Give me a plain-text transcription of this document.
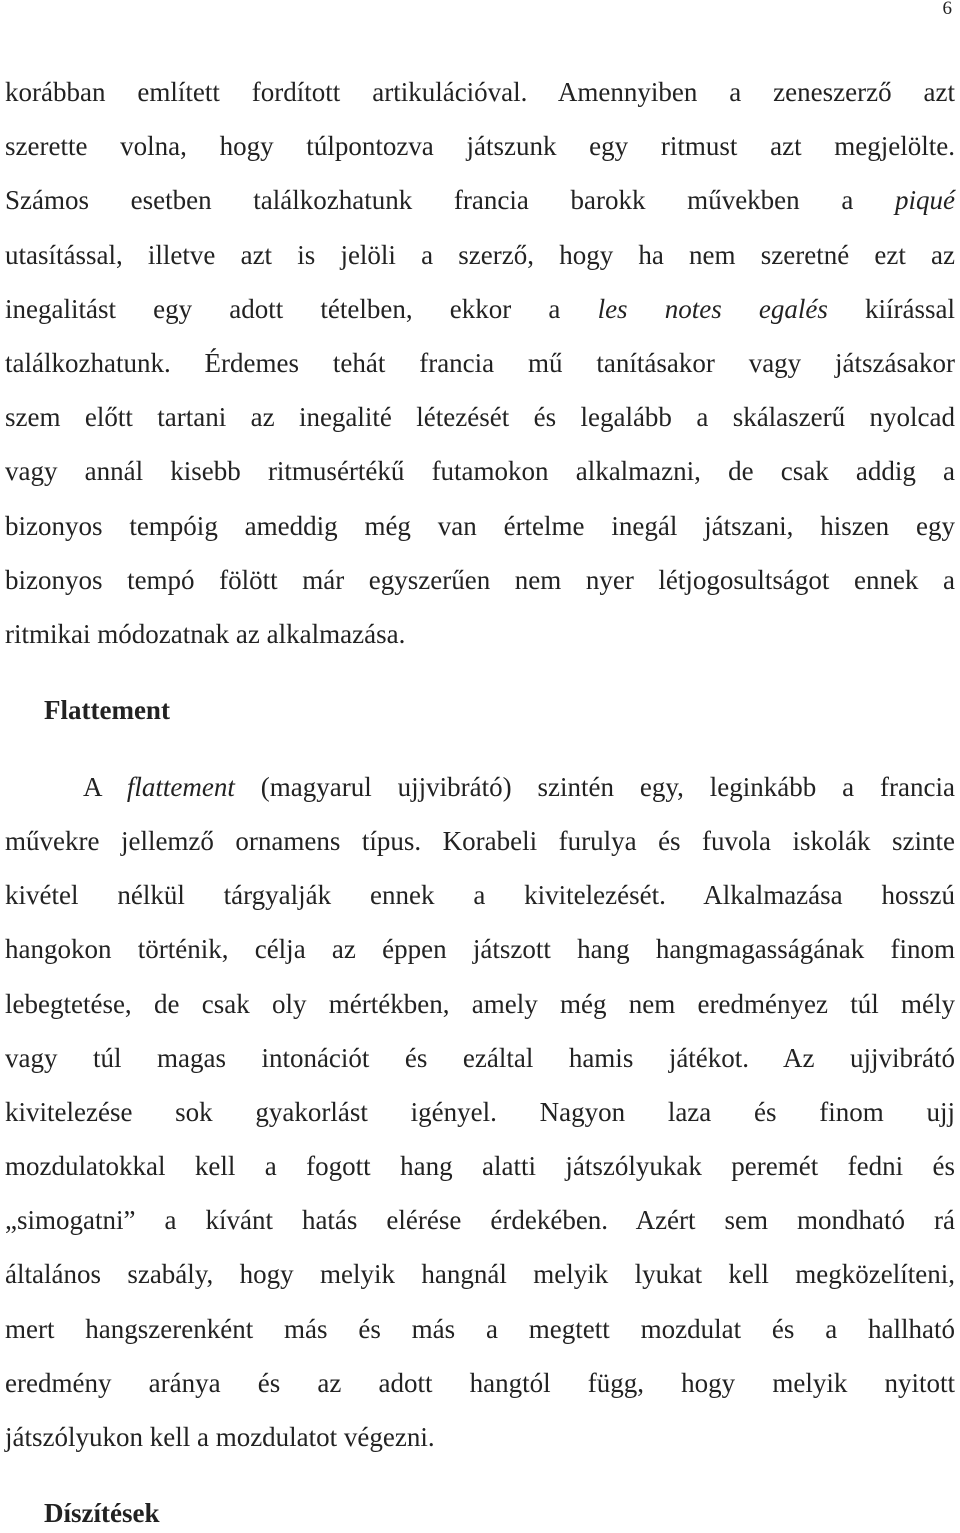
6
korábban említett fordított artikulációval. Amennyiben a zeneszerző azt
szerette volna, hogy túlpontozva játszunk egy ritmust azt megjelölte.
Számos esetben találkozhatunk francia barokk művekben a piqué
utasítással, illetve azt is jelöli a szerző, hogy ha nem szeretné ezt az
inegalitást egy adott tételben, ekkor a les notes egalés kiírással
találkozhatunk. Érdemes tehát francia mű tanításakor vagy játszásakor
szem előtt tartani az inegalité létezését és legalább a skálaszerű nyolcad
vagy annál kisebb ritmusértékű futamokon alkalmazni, de csak addig a
bizonyos tempóig ameddig még van értelme inegál játszani, hiszen egy
bizonyos tempó fölött már egyszerűen nem nyer létjogosultságot ennek a
ritmikai módozatnak az alkalmazása.
Flattement
A flattement (magyarul ujjvibrátó) szintén egy, leginkább a francia
művekre jellemző ornamens típus. Korabeli furulya és fuvola iskolák szinte
kivétel nélkül tárgyalják ennek a kivitelezését. Alkalmazása hosszú
hangokon történik, célja az éppen játszott hang hangmagasságának finom
lebegtetése, de csak oly mértékben, amely még nem eredményez túl mély
vagy túl magas intonációt és ezáltal hamis játékot. Az ujjvibrátó
kivitelezése sok gyakorlást igényel. Nagyon laza és finom ujj
mozdulatokkal kell a fogott hang alatti játszólyukak peremét fedni és
„simogatni” a kívánt hatás elérése érdekében. Azért sem mondható rá
általános szabály, hogy melyik hangnál melyik lyukat kell megközelíteni,
mert hangszerenként más és más a megtett mozdulat és a hallható
eredmény aránya és az adott hangtól függ, hogy melyik nyitott
játszólyukon kell a mozdulatot végezni.
Díszítések
